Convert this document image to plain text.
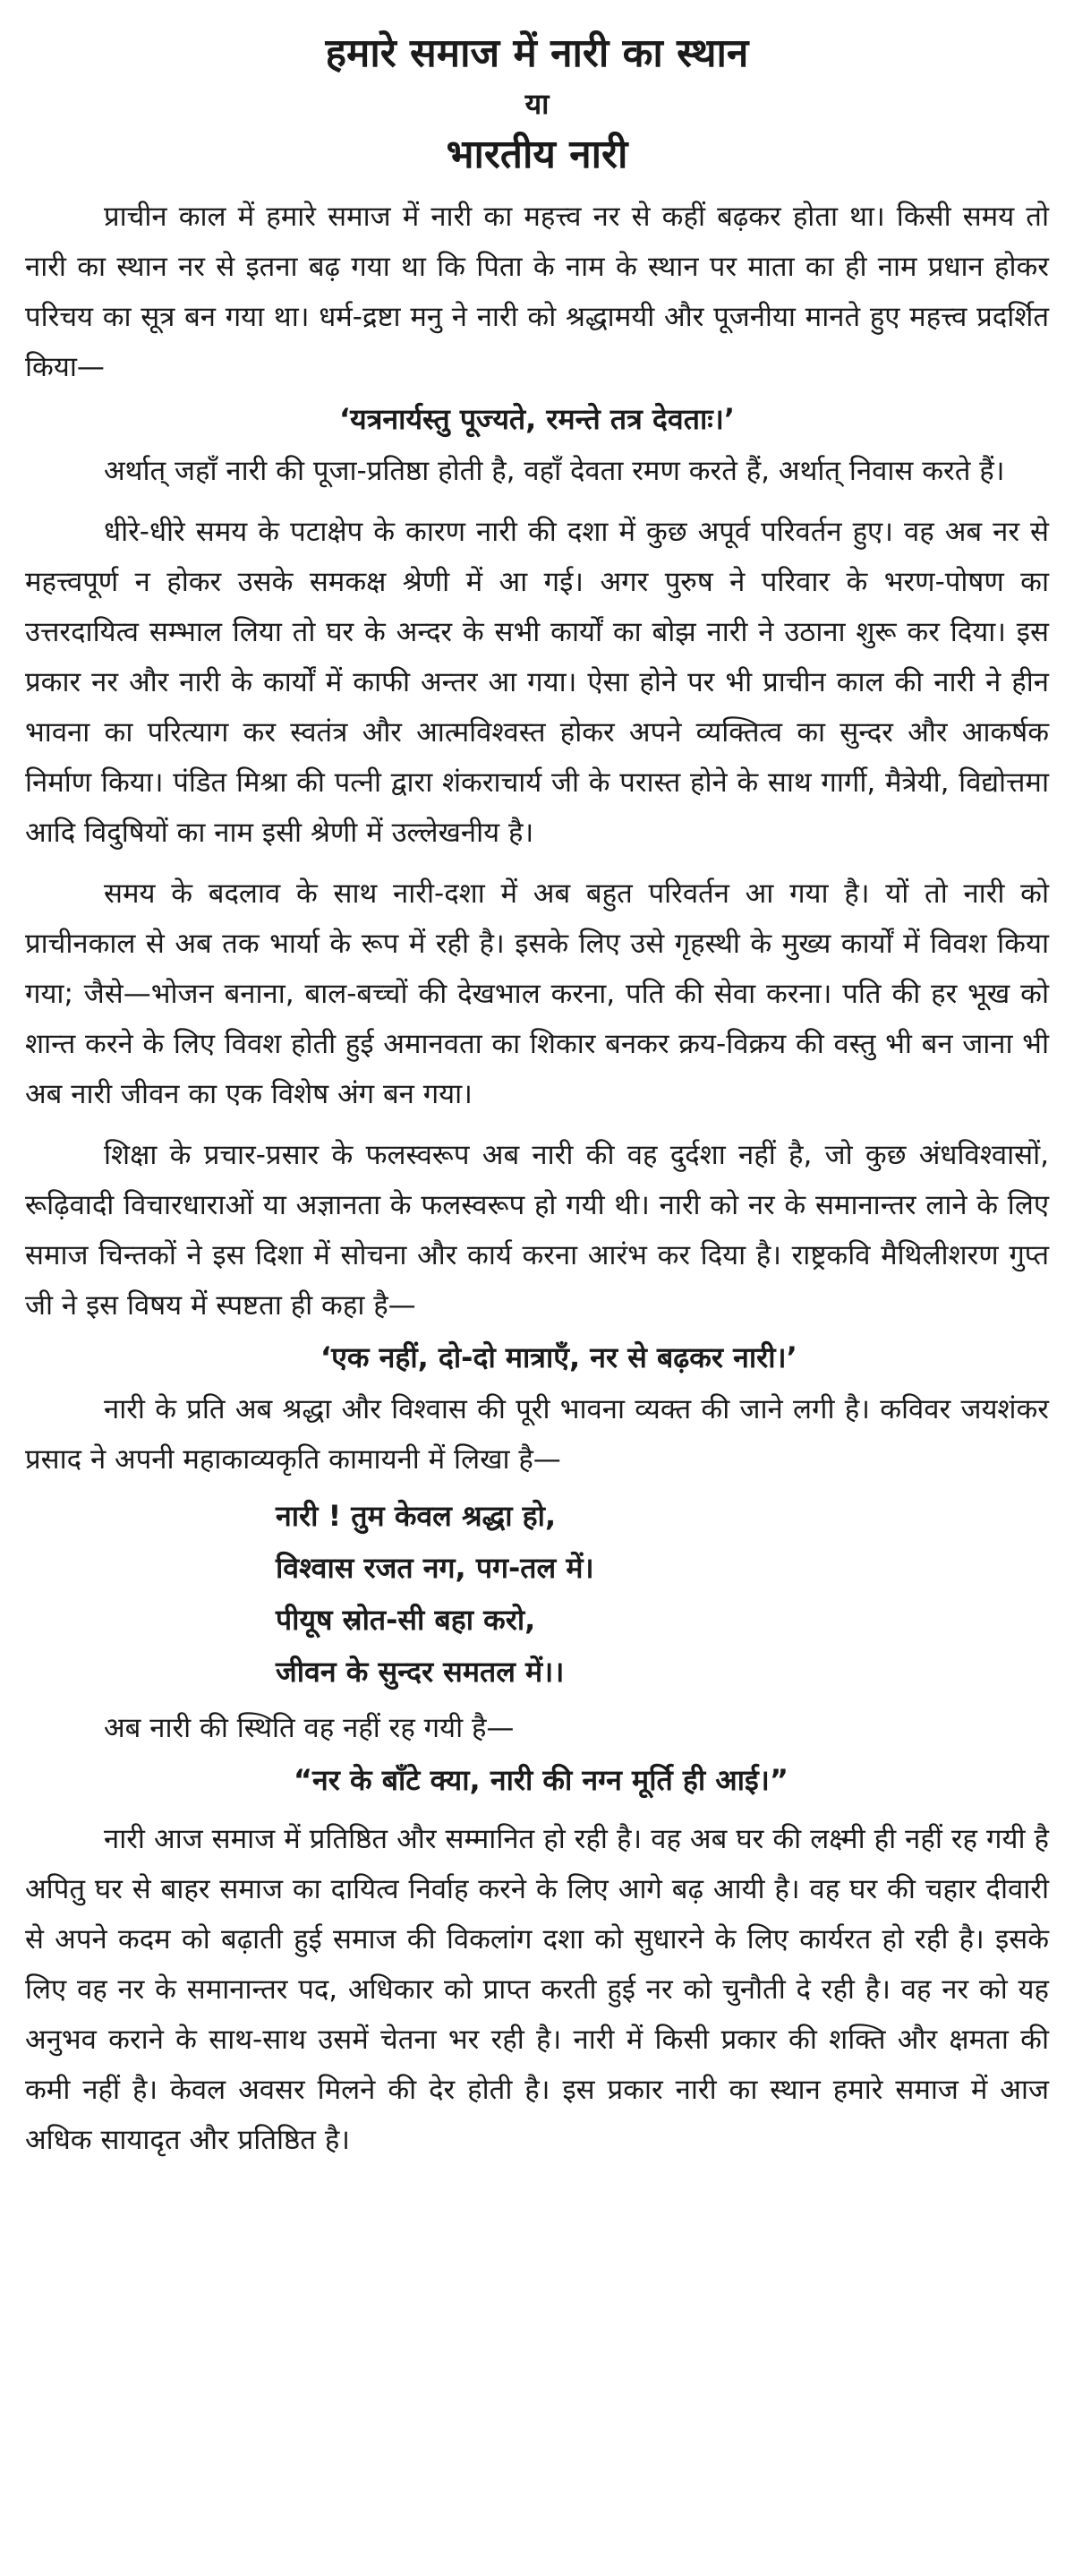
हमारे समाज में नारी का स्थान
या
भारतीय नारी

प्राचीन काल में हमारे समाज में नारी का महत्त्व नर से कहीं बढ़कर होता था। किसी समय तो नारी का स्थान नर से इतना बढ़ गया था कि पिता के नाम के स्थान पर माता का ही नाम प्रधान होकर परिचय का सूत्र बन गया था। धर्म-द्रष्टा मनु ने नारी को श्रद्धामयी और पूजनीया मानते हुए महत्त्व प्रदर्शित किया—

‘यत्रनार्यस्तु पूज्यते, रमन्ते तत्र देवताः।’

अर्थात् जहाँ नारी की पूजा-प्रतिष्ठा होती है, वहाँ देवता रमण करते हैं, अर्थात् निवास करते हैं।

धीरे-धीरे समय के पटाक्षेप के कारण नारी की दशा में कुछ अपूर्व परिवर्तन हुए। वह अब नर से महत्त्वपूर्ण न होकर उसके समकक्ष श्रेणी में आ गई। अगर पुरुष ने परिवार के भरण-पोषण का उत्तरदायित्व सम्भाल लिया तो घर के अन्दर के सभी कार्यों का बोझ नारी ने उठाना शुरू कर दिया। इस प्रकार नर और नारी के कार्यों में काफी अन्तर आ गया। ऐसा होने पर भी प्राचीन काल की नारी ने हीन भावना का परित्याग कर स्वतंत्र और आत्मविश्वस्त होकर अपने व्यक्तित्व का सुन्दर और आकर्षक निर्माण किया। पंडित मिश्रा की पत्नी द्वारा शंकराचार्य जी के परास्त होने के साथ गार्गी, मैत्रेयी, विद्योत्तमा आदि विदुषियों का नाम इसी श्रेणी में उल्लेखनीय है।

समय के बदलाव के साथ नारी-दशा में अब बहुत परिवर्तन आ गया है। यों तो नारी को प्राचीनकाल से अब तक भार्या के रूप में रही है। इसके लिए उसे गृहस्थी के मुख्य कार्यों में विवश किया गया; जैसे—भोजन बनाना, बाल-बच्चों की देखभाल करना, पति की सेवा करना। पति की हर भूख को शान्त करने के लिए विवश होती हुई अमानवता का शिकार बनकर क्रय-विक्रय की वस्तु भी बन जाना भी अब नारी जीवन का एक विशेष अंग बन गया।

शिक्षा के प्रचार-प्रसार के फलस्वरूप अब नारी की वह दुर्दशा नहीं है, जो कुछ अंधविश्वासों, रूढ़िवादी विचारधाराओं या अज्ञानता के फलस्वरूप हो गयी थी। नारी को नर के समानान्तर लाने के लिए समाज चिन्तकों ने इस दिशा में सोचना और कार्य करना आरंभ कर दिया है। राष्ट्रकवि मैथिलीशरण गुप्त जी ने इस विषय में स्पष्टता ही कहा है—

‘एक नहीं, दो-दो मात्राएँ, नर से बढ़कर नारी।’

नारी के प्रति अब श्रद्धा और विश्वास की पूरी भावना व्यक्त की जाने लगी है। कविवर जयशंकर प्रसाद ने अपनी महाकाव्यकृति कामायनी में लिखा है—

नारी ! तुम केवल श्रद्धा हो,
विश्वास रजत नग, पग-तल में।
पीयूष स्रोत-सी बहा करो,
जीवन के सुन्दर समतल में।।

अब नारी की स्थिति वह नहीं रह गयी है—

“नर के बाँटे क्या, नारी की नग्न मूर्ति ही आई।”

नारी आज समाज में प्रतिष्ठित और सम्मानित हो रही है। वह अब घर की लक्ष्मी ही नहीं रह गयी है अपितु घर से बाहर समाज का दायित्व निर्वाह करने के लिए आगे बढ़ आयी है। वह घर की चहार दीवारी से अपने कदम को बढ़ाती हुई समाज की विकलांग दशा को सुधारने के लिए कार्यरत हो रही है। इसके लिए वह नर के समानान्तर पद, अधिकार को प्राप्त करती हुई नर को चुनौती दे रही है। वह नर को यह अनुभव कराने के साथ-साथ उसमें चेतना भर रही है। नारी में किसी प्रकार की शक्ति और क्षमता की कमी नहीं है। केवल अवसर मिलने की देर होती है। इस प्रकार नारी का स्थान हमारे समाज में आज अधिक सायादृत और प्रतिष्ठित है।
